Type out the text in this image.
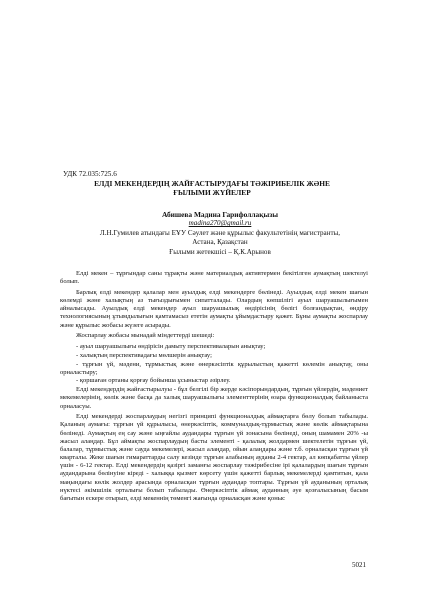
УДК 72.035:725.6
ЕЛДІ МЕКЕНДЕРДІҢ ЖАЙҒАСТЫРУДАҒЫ ТӘЖІРИБЕЛІК ЖӘНЕ
ҒЫЛЫМИ ЖҮЙЕЛЕР
Абишева Мадина Гарифоллақызы
madina270@gmail.ru
Л.Н.Гумилев атындағы ЕҰУ Сәулет және құрылыс факультетінің магистранты,
Астана, Қазақстан
Ғылыми жетекшісі – Қ.К.Арынов

Елді мекен – тұрғындар саны тұрақты және материалдық активтермен бекітілген аумақтың шектелуі болып.

Барлық елді мекендер қалалар мен ауылдық елді мекендерге бөлінеді. Ауылдық елді мекен шағын көлемді және халықтың аз тығыздығымен сипатталады. Олардың көпшілігі ауыл шаруашылығымен айналысады. Ауылдық елді мекендер ауыл шаруашылық өндірісінің бөлігі болғандықтан, өндіру технологиясының ұтымдылығын қамтамасыз ететін аумақты ұйымдастыру қажет. Бұны аумақты жоспарлау және құрылыс жобасы жүзеге асырады.

Жоспарлау жобасы мынадай міндеттерді шешеді:

- ауыл шаруашылығы өндірісін дамыту перспективаларын анықтау;

- халықтың перспективадағы мөлшерін анықтау;

- тұрғын үй, мәдени, тұрмыстық және өнеркәсіптік құрылыстың қажетті көлемін анықтау, оны орналастыру;

- қоршаған ортаны қорғау бойынша ұсыныстар әзірлеу.

Елді мекендердің жайғастырылуы - бұл белгілі бір жерде кәсіпорындардың, тұрғын үйлердің, мәдениет мекемелерінің, көлік және басқа да халық шаруашылығы элементтерінің өзара функционалдық байланыста орналасуы.

Елді мекендерді жоспарлаудың негізгі принципі функционалдық аймақтарға бөлу болып табылады. Қаланың аумағы: тұрғын үй құрылысы, өнеркәсіптік, коммуналдық-тұрмыстық және көлік аймақтарына бөлінеді. Аумақтың ең сау және ыңғайлы аудандары тұрғын үй зонасына бөлінеді, оның шамамен 20% -ы жасыл алаңдар. Бұл аймақты жоспарлаудың басты элементі - қалалық жолдармен шектелетін тұрғын үй, балалар, тұрмыстық және сауда мекемелері, жасыл алаңдар, ойын алаңдары және т.б. орналасқан тұрғын үй кварталы. Жеке шағын гимараттарды салу кезінде тұрғын алабының ауданы 2-4 гектар, ал көпқабатты үйлер үшін - 6-12 гектар. Елді мекендердің қазіргі заманғы жоспарлау тәжірибесіне ірі қалалардың шағын тұрғын аудандарына бөлінуіне кіреді - халыққа қызмет көрсету үшін қажетті барлық мекемелерді қамтитын, қала маңындағы көлік жолдер арасында орналасқан тұрғын аудандар топтары. Тұрғын үй ауданының орталық нүктесі әкімшілік орталығы болып табылады. Өнеркәсіптік аймақ ауданның әуе қозғалысының басым бағытын ескере отырып, елді мекеннің төменгі жағында орналасқан және қоныс

5021
